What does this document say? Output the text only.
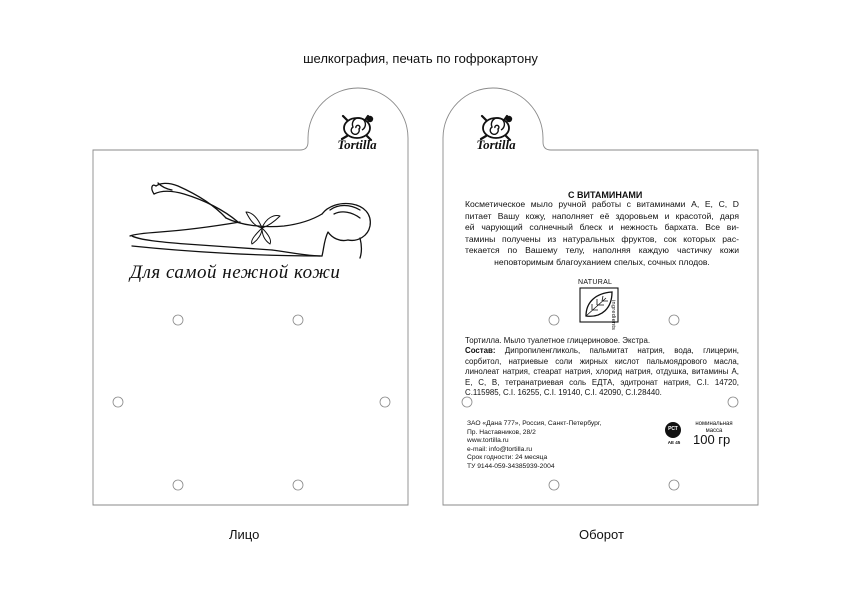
шелкография, печать по гофрокартону
Tortilla
Для самой нежной кожи
Лицо
Tortilla
С ВИТАМИНАМИ
Косметическое мыло ручной работы с витаминами A, E, C, D
питает Вашу кожу, наполняет её здоровьем и красотой, даря
ей чарующий солнечный блеск и нежность бархата. Все ви-
тамины получены из натуральных фруктов, сок которых рас-
текается по Вашему телу, наполняя каждую частичку кожи
неповторимым благоуханием спелых, сочных плодов.
NATURAL
ingredients
Тортилла. Мыло туалетное глицериновое. Экстра.
Состав: Дипропиленгликоль, пальмитат натрия, вода, глицерин, сорбитол, натриевые соли жирных кислот пальмоядрового масла, линолеат натрия, стеарат натрия, хлорид натрия, отдушка, витамины A, E, C, B, тетранатриевая соль ЕДТА, эдитронат натрия, C.I. 14720, C.115985, C.I. 16255, C.I. 19140, C.I. 42090, C.I.28440.
ЗАО «Дана 777», Россия, Санкт-Петербург,
Пр. Наставников, 28/2
www.tortilla.ru
e-mail: info@tortilla.ru
Срок годности: 24 месяца
ТУ 9144-059-34385939-2004
РСТ
АЕ 45
номинальная
масса
100 гр
Оборот
